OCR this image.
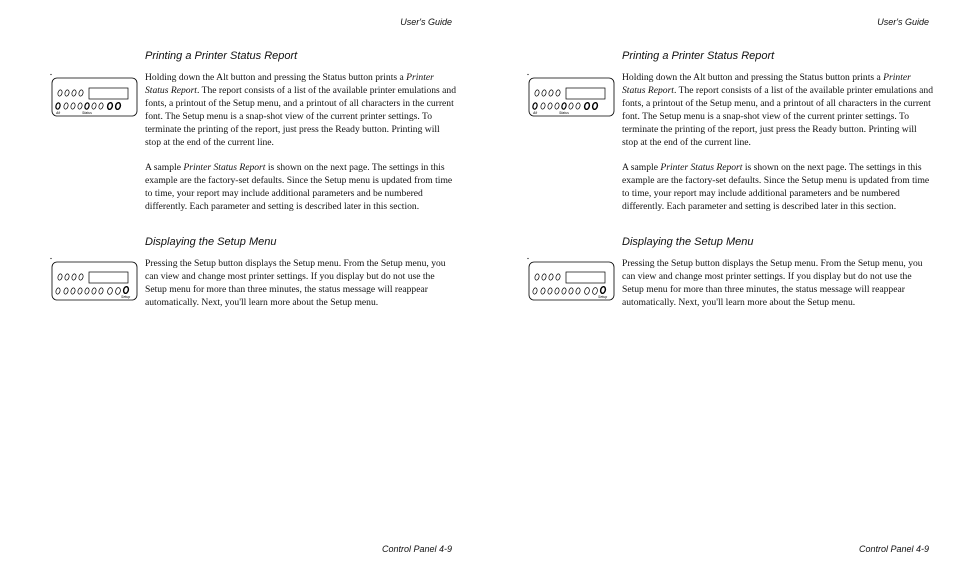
User's Guide
Printing a Printer Status Report
Alt	Status

Holding down the Alt button and pressing the Status button prints a Printer Status Report. The report consists of a list of the available printer emulations and fonts, a printout of the Setup menu, and a printout of all characters in the current font. The Setup menu is a snap-shot view of the current printer settings. To terminate the printing of the report, just press the Ready button. Printing will stop at the end of the current line.

A sample Printer Status Report is shown on the next page. The settings in this example are the factory-set defaults. Since the Setup menu is updated from time to time, your report may include additional parameters and be numbered differently. Each parameter and setting is described later in this section.

Displaying the Setup Menu
Setup

Pressing the Setup button displays the Setup menu. From the Setup menu, you can view and change most printer settings. If you display but do not use the Setup menu for more than three minutes, the status message will reappear automatically. Next, you'll learn more about the Setup menu.

Control Panel 4-9
User's Guide
Printing a Printer Status Report
Alt	Status

Holding down the Alt button and pressing the Status button prints a Printer Status Report. The report consists of a list of the available printer emulations and fonts, a printout of the Setup menu, and a printout of all characters in the current font. The Setup menu is a snap-shot view of the current printer settings. To terminate the printing of the report, just press the Ready button. Printing will stop at the end of the current line.

A sample Printer Status Report is shown on the next page. The settings in this example are the factory-set defaults. Since the Setup menu is updated from time to time, your report may include additional parameters and be numbered differently. Each parameter and setting is described later in this section.

Displaying the Setup Menu
Setup

Pressing the Setup button displays the Setup menu. From the Setup menu, you can view and change most printer settings. If you display but do not use the Setup menu for more than three minutes, the status message will reappear automatically. Next, you'll learn more about the Setup menu.

Control Panel 4-9
